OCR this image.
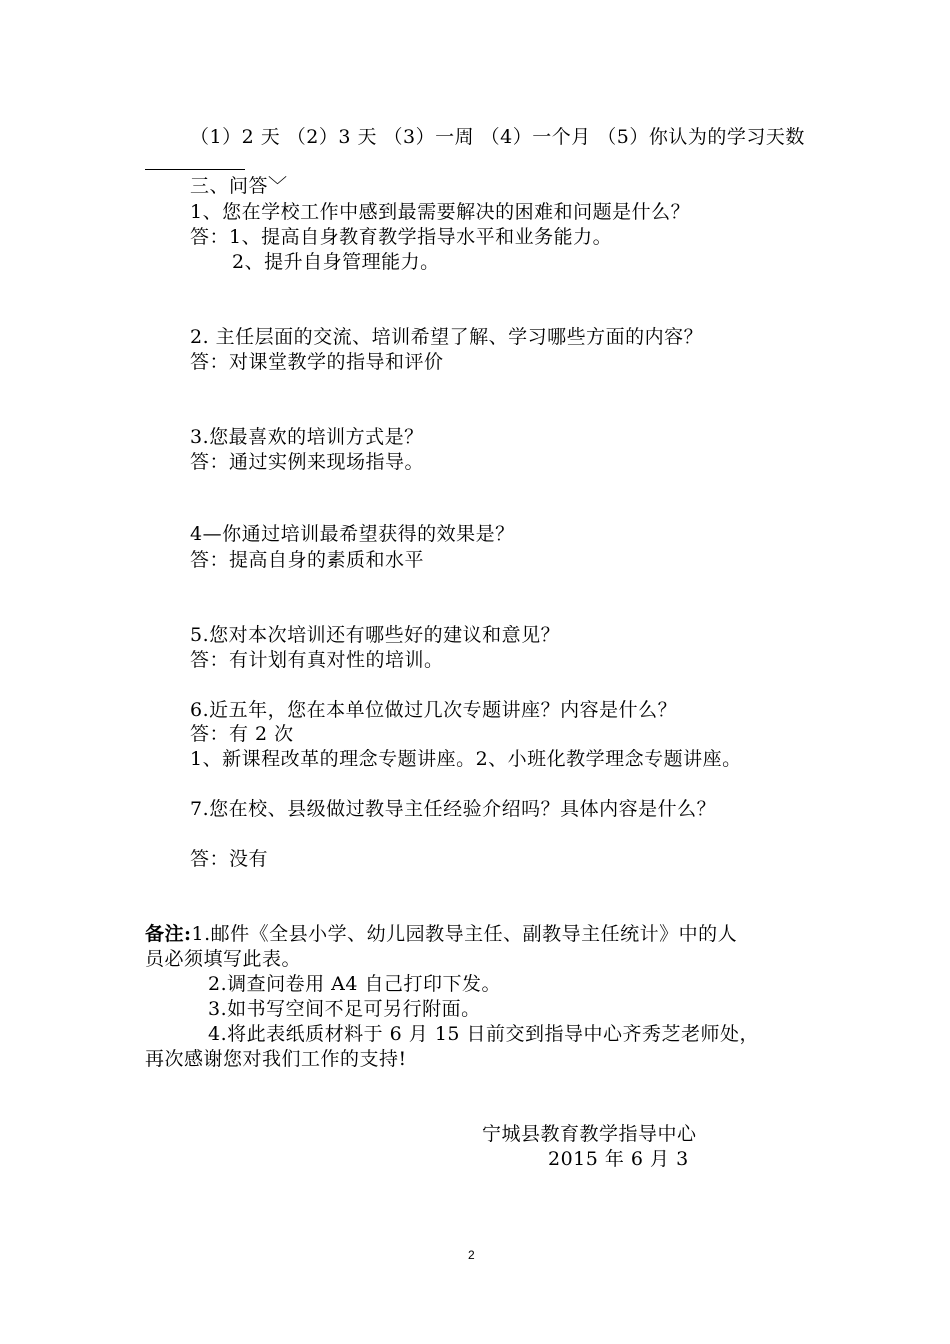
（1）2 天 （2）3 天 （3）一周 （4）一个月 （5）你认为的学习天数
三、问答﹀
1、您在学校工作中感到最需要解决的困难和问题是什么？
答：1、提高自身教育教学指导水平和业务能力。
2、提升自身管理能力。
2. 主任层面的交流、培训希望了解、学习哪些方面的内容？
答：对课堂教学的指导和评价
3.您最喜欢的培训方式是？
答：通过实例来现场指导。
4—你通过培训最希望获得的效果是？
答：提高自身的素质和水平
5.您对本次培训还有哪些好的建议和意见？
答：有计划有真对性的培训。
6.近五年，您在本单位做过几次专题讲座？内容是什么？
答：有 2 次
1、新课程改革的理念专题讲座。2、小班化教学理念专题讲座。
7.您在校、县级做过教导主任经验介绍吗？具体内容是什么？
答：没有
备注:1.邮件《全县小学、幼儿园教导主任、副教导主任统计》中的人
员必须填写此表。
2.调查问卷用 A4 自己打印下发。
3.如书写空间不足可另行附面。
4.将此表纸质材料于 6 月 15 日前交到指导中心齐秀芝老师处，
再次感谢您对我们工作的支持!
宁城县教育教学指导中心
2015 年 6 月 3
2
